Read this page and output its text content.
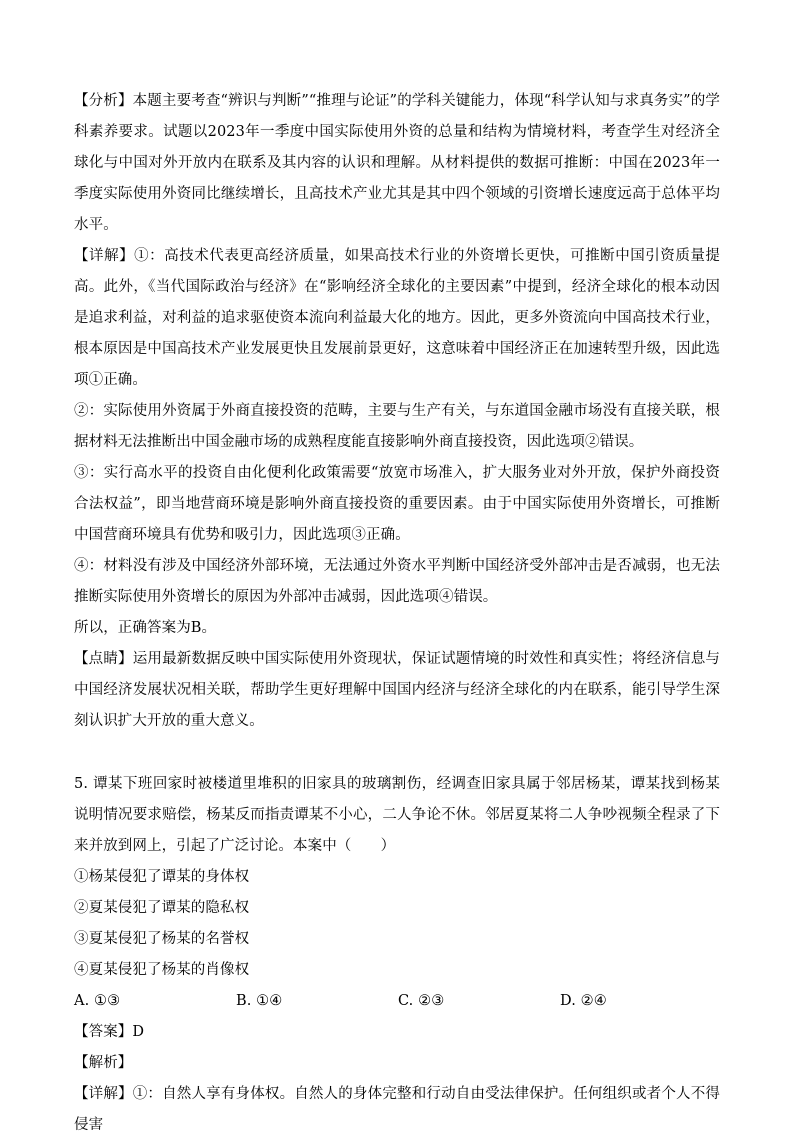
【分析】本题主要考查“辨识与判断”“推理与论证”的学科关键能力，体现“科学认知与求真务实”的学科素养要求。试题以2023年一季度中国实际使用外资的总量和结构为情境材料，考查学生对经济全球化与中国对外开放内在联系及其内容的认识和理解。从材料提供的数据可推断：中国在2023年一季度实际使用外资同比继续增长，且高技术产业尤其是其中四个领域的引资增长速度远高于总体平均水平。

【详解】①：高技术代表更高经济质量，如果高技术行业的外资增长更快，可推断中国引资质量提高。此外，《当代国际政治与经济》在“影响经济全球化的主要因素”中提到，经济全球化的根本动因是追求利益，对利益的追求驱使资本流向利益最大化的地方。因此，更多外资流向中国高技术行业，根本原因是中国高技术产业发展更快且发展前景更好，这意味着中国经济正在加速转型升级，因此选项①正确。

②：实际使用外资属于外商直接投资的范畴，主要与生产有关，与东道国金融市场没有直接关联，根据材料无法推断出中国金融市场的成熟程度能直接影响外商直接投资，因此选项②错误。

③：实行高水平的投资自由化便利化政策需要“放宽市场准入，扩大服务业对外开放，保护外商投资合法权益”，即当地营商环境是影响外商直接投资的重要因素。由于中国实际使用外资增长，可推断中国营商环境具有优势和吸引力，因此选项③正确。

④：材料没有涉及中国经济外部环境，无法通过外资水平判断中国经济受外部冲击是否减弱，也无法推断实际使用外资增长的原因为外部冲击减弱，因此选项④错误。

所以，正确答案为B。

【点睛】运用最新数据反映中国实际使用外资现状，保证试题情境的时效性和真实性；将经济信息与中国经济发展状况相关联，帮助学生更好理解中国国内经济与经济全球化的内在联系，能引导学生深刻认识扩大开放的重大意义。

5. 谭某下班回家时被楼道里堆积的旧家具的玻璃割伤，经调查旧家具属于邻居杨某，谭某找到杨某说明情况要求赔偿，杨某反而指责谭某不小心，二人争论不休。邻居夏某将二人争吵视频全程录了下来并放到网上，引起了广泛讨论。本案中（　　）

①杨某侵犯了谭某的身体权

②夏某侵犯了谭某的隐私权

③夏某侵犯了杨某的名誉权

④夏某侵犯了杨某的肖像权

A. ①③	B. ①④	C. ②③	D. ②④

【答案】D

【解析】

【详解】①：自然人享有身体权。自然人的身体完整和行动自由受法律保护。任何组织或者个人不得侵害
